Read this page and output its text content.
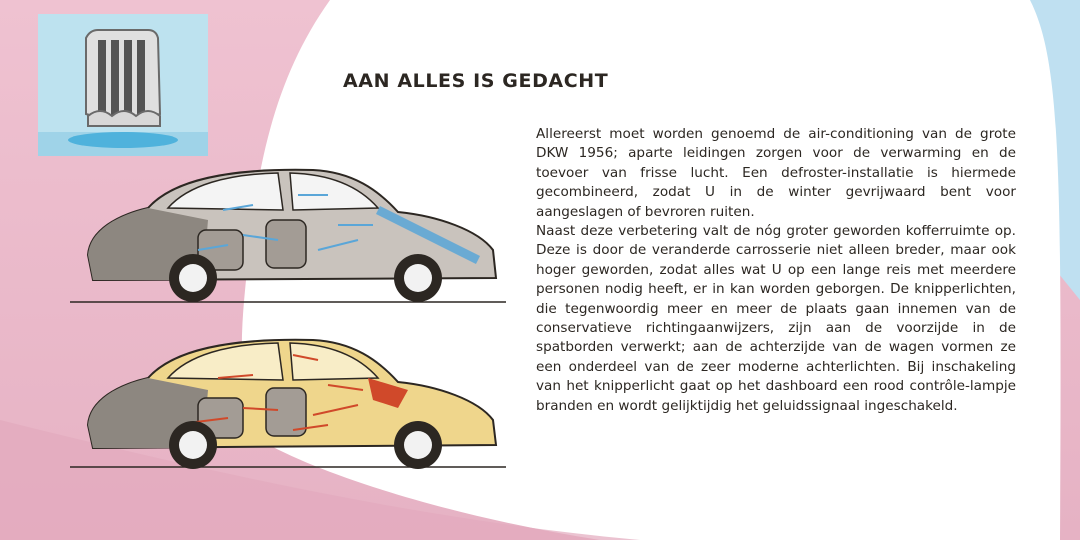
AAN ALLES IS GEDACHT

Allereerst moet worden genoemd de air-conditioning van de grote DKW 1956; aparte leidingen zorgen voor de verwarming en de toevoer van frisse lucht. Een defroster-installatie is hiermede gecombineerd, zodat U in de winter gevrijwaard bent voor aangeslagen of bevroren ruiten.

Naast deze verbetering valt de nóg groter geworden kofferruimte op. Deze is door de veranderde carrosserie niet alleen breder, maar ook hoger geworden, zodat alles wat U op een lange reis met meerdere personen nodig heeft, er in kan worden geborgen. De knipperlichten, die tegenwoordig meer en meer de plaats gaan innemen van de conservatieve richtingaanwijzers, zijn aan de voorzijde in de spatborden verwerkt; aan de achterzijde van de wagen vormen ze een onderdeel van de zeer moderne achterlichten. Bij inschakeling van het knipperlicht gaat op het dashboard een rood contrôle-lampje branden en wordt gelijktijdig het geluidssignaal ingeschakeld.
